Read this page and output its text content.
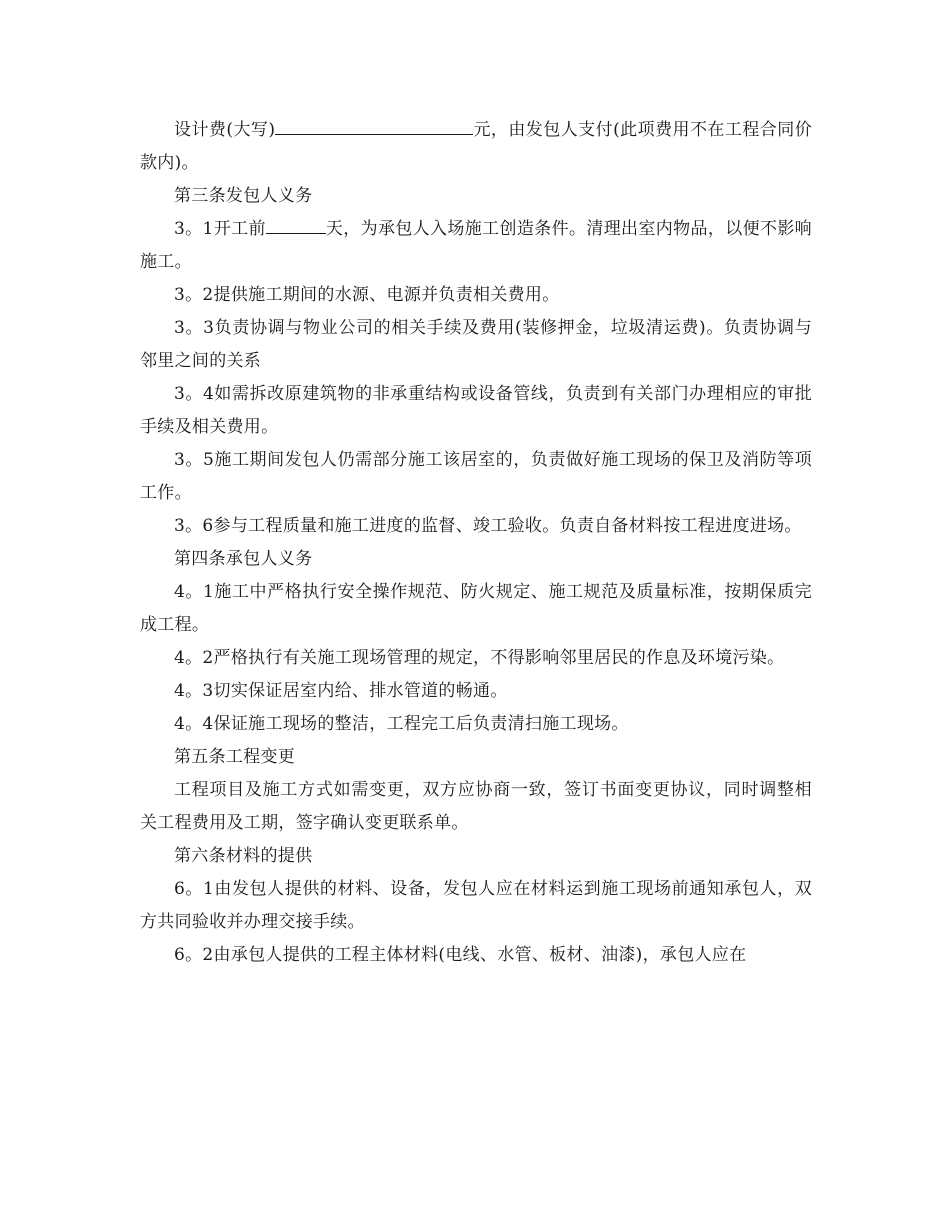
设计费(大写)	元，由发包人支付(此项费用不在工程合同价款内)。

第三条发包人义务

3。1开工前	天，为承包人入场施工创造条件。清理出室内物品，以便不影响施工。

3。2提供施工期间的水源、电源并负责相关费用。

3。3负责协调与物业公司的相关手续及费用(装修押金，垃圾清运费)。负责协调与邻里之间的关系

3。4如需拆改原建筑物的非承重结构或设备管线，负责到有关部门办理相应的审批手续及相关费用。

3。5施工期间发包人仍需部分施工该居室的，负责做好施工现场的保卫及消防等项工作。

3。6参与工程质量和施工进度的监督、竣工验收。负责自备材料按工程进度进场。

第四条承包人义务

4。1施工中严格执行安全操作规范、防火规定、施工规范及质量标准，按期保质完成工程。

4。2严格执行有关施工现场管理的规定，不得影响邻里居民的作息及环境污染。

4。3切实保证居室内给、排水管道的畅通。

4。4保证施工现场的整洁，工程完工后负责清扫施工现场。

第五条工程变更

工程项目及施工方式如需变更，双方应协商一致，签订书面变更协议，同时调整相关工程费用及工期，签字确认变更联系单。

第六条材料的提供

6。1由发包人提供的材料、设备，发包人应在材料运到施工现场前通知承包人，双方共同验收并办理交接手续。

6。2由承包人提供的工程主体材料(电线、水管、板材、油漆)，承包人应在
